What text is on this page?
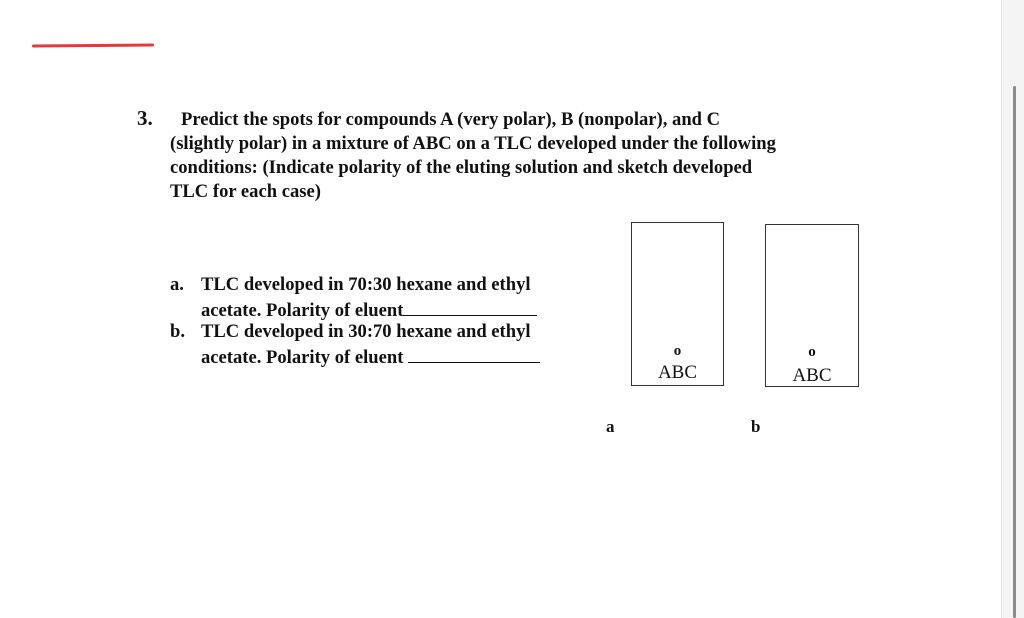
3.	Predict the spots for compounds A (very polar), B (nonpolar), and C
(slightly polar) in a mixture of ABC on a TLC developed under the following
conditions: (Indicate polarity of the eluting solution and sketch developed
TLC for each case)
a. TLC developed in 70:30 hexane and ethyl
acetate. Polarity of eluent
b. TLC developed in 30:70 hexane and ethyl
acetate. Polarity of eluent	o
ABC
o
ABC
a	b
